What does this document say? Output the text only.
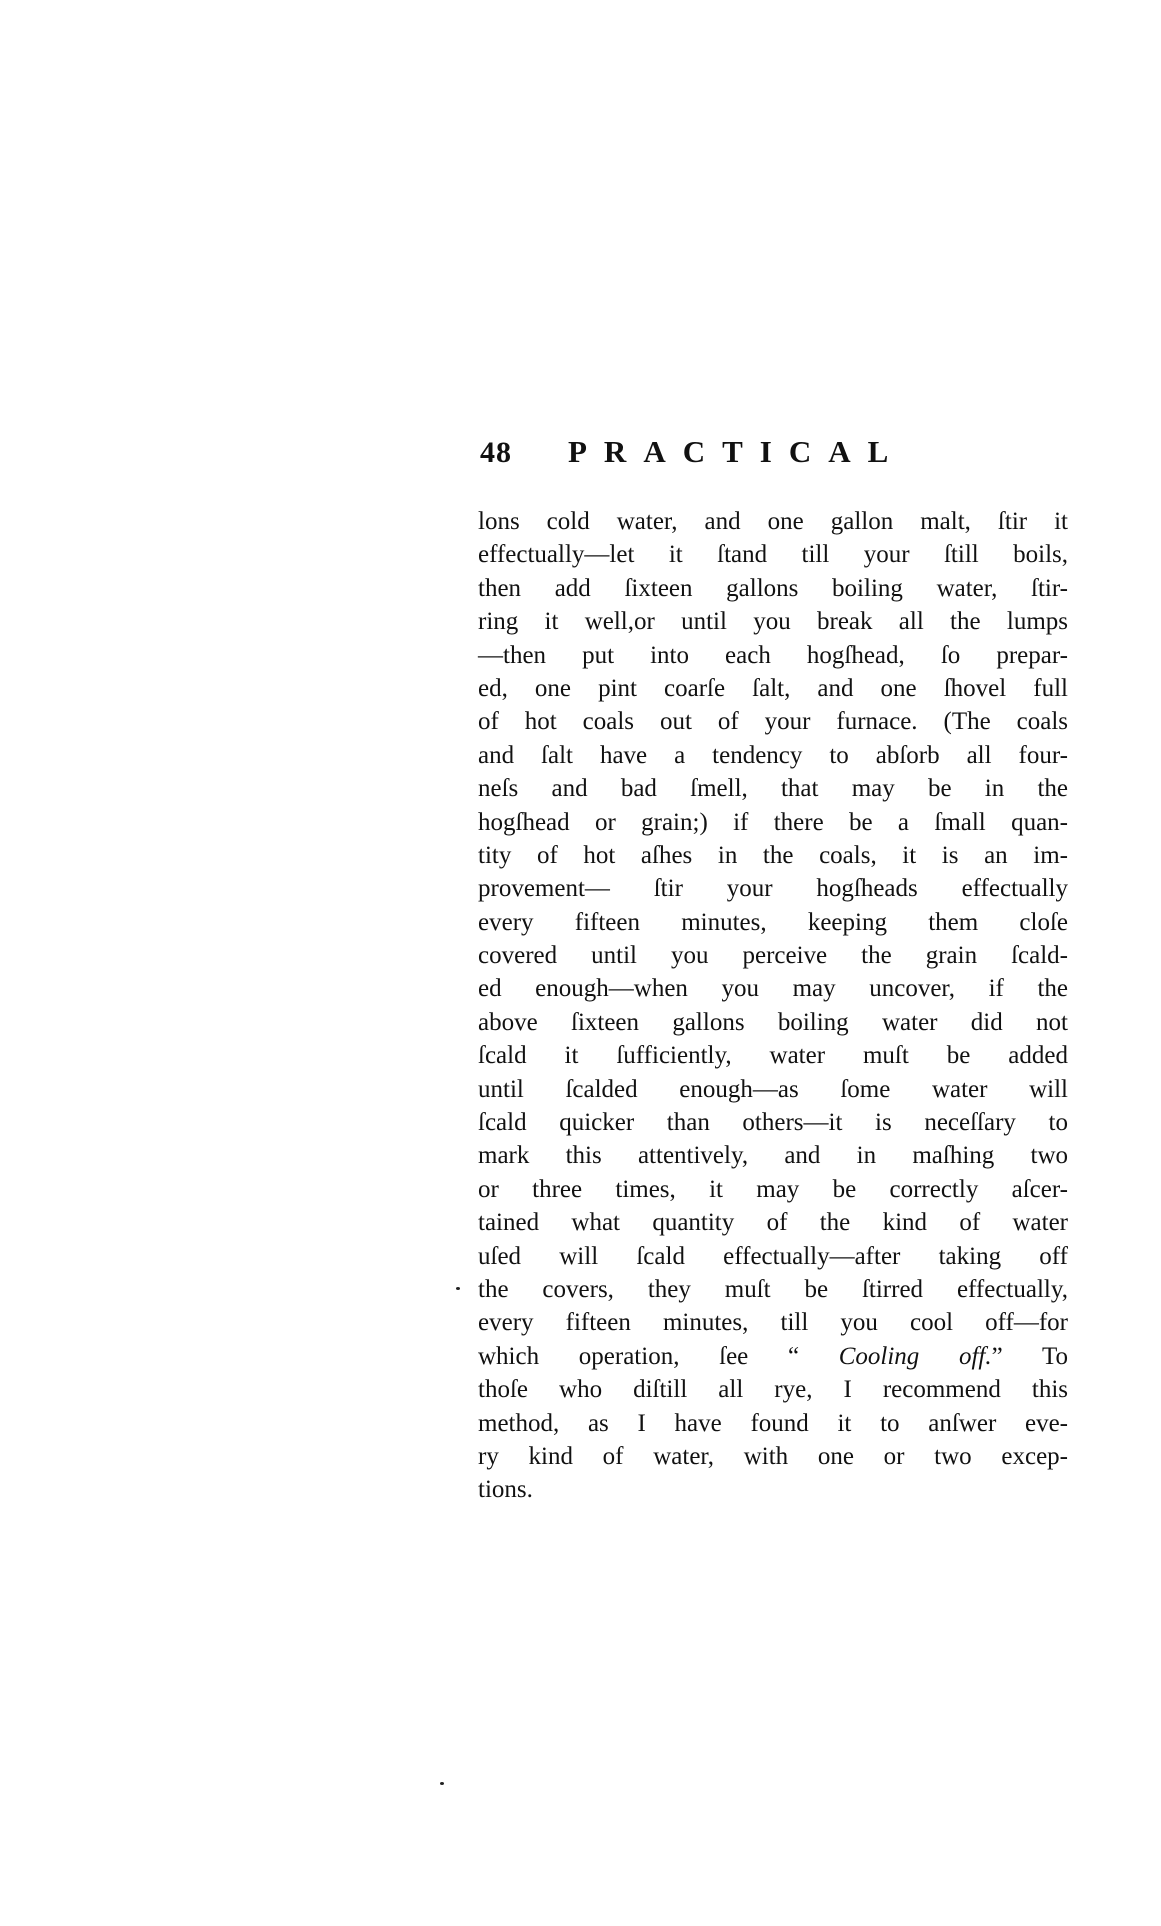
48 PRACTICAL
lons cold water, and one gallon malt, ſtir it
effectually—let it ſtand till your ſtill boils,
then add ſixteen gallons boiling water, ſtir-
ring it well,or until you break all the lumps
—then put into each hogſhead, ſo prepar-
ed, one pint coarſe ſalt, and one ſhovel full
of hot coals out of your furnace. (The coals
and ſalt have a tendency to abſorb all four-
neſs and bad ſmell, that may be in the
hogſhead or grain;) if there be a ſmall quan-
tity of hot aſhes in the coals, it is an im-
provement— ſtir your hogſheads effectually
every fifteen minutes, keeping them cloſe
covered until you perceive the grain ſcald-
ed enough—when you may uncover, if the
above ſixteen gallons boiling water did not
ſcald it ſufficiently, water muſt be added
until ſcalded enough—as ſome water will
ſcald quicker than others—it is neceſſary to
mark this attentively, and in maſhing two
or three times, it may be correctly aſcer-
tained what quantity of the kind of water
uſed will ſcald effectually—after taking off
the covers, they muſt be ſtirred effectually,
every fifteen minutes, till you cool off—for
which operation, ſee “ Cooling off.” To
thoſe who diſtill all rye, I recommend this
method, as I have found it to anſwer eve-
ry kind of water, with one or two excep-
tions.
